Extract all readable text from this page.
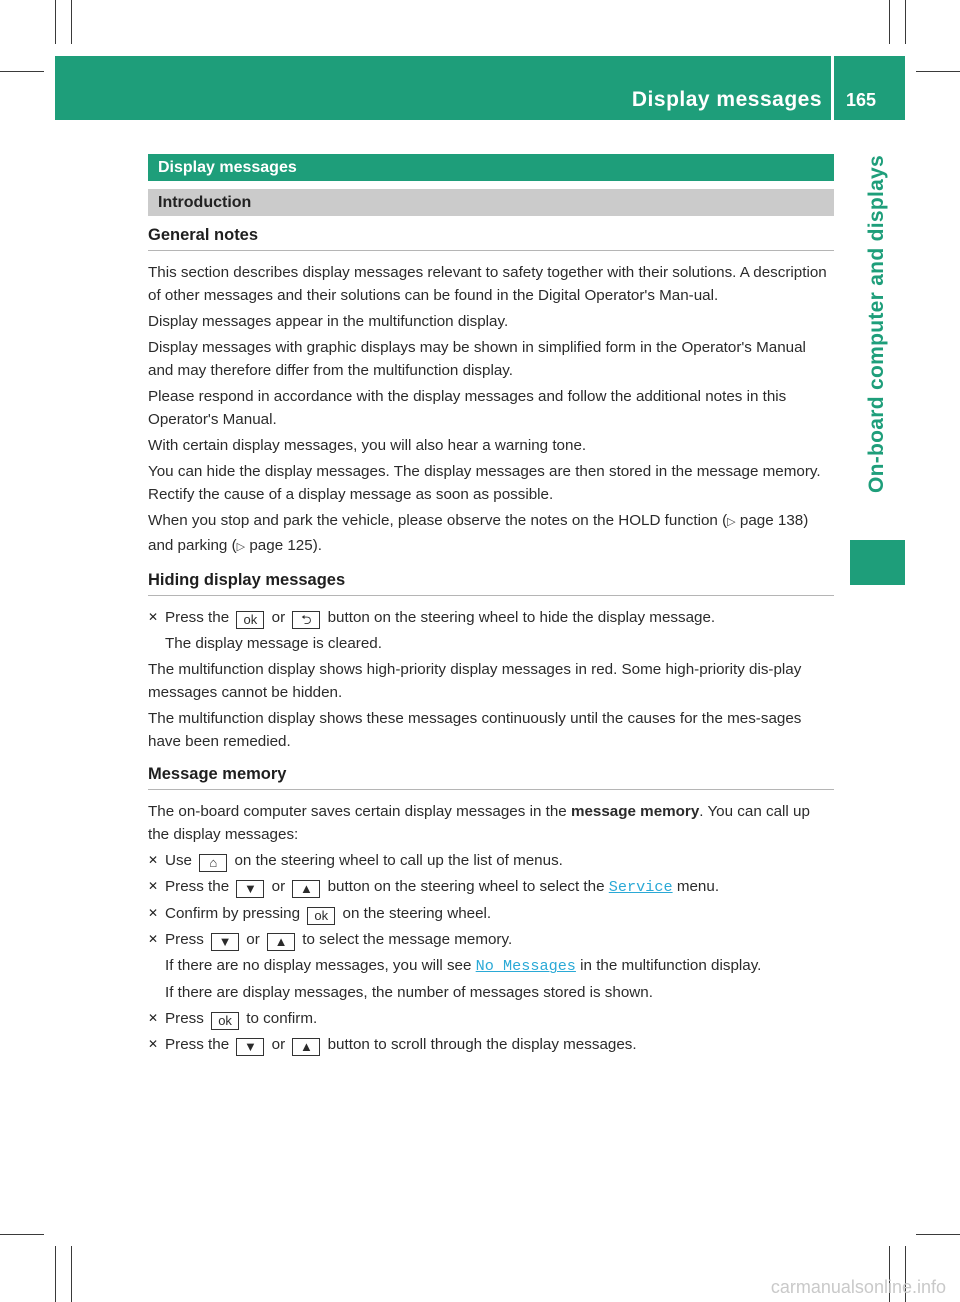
Display messages 165
On-board computer and displays
Display messages
Introduction
General notes

This section describes display messages relevant to safety together with their solutions. A description of other messages and their solutions can be found in the Digital Operator's Man-ual.

Display messages appear in the multifunction display.

Display messages with graphic displays may be shown in simplified form in the Operator's Manual and may therefore differ from the multifunction display.

Please respond in accordance with the display messages and follow the additional notes in this Operator's Manual.

With certain display messages, you will also hear a warning tone.

You can hide the display messages. The display messages are then stored in the message memory. Rectify the cause of a display message as soon as possible.

When you stop and park the vehicle, please observe the notes on the HOLD function (▷ page 138) and parking (▷ page 125).

Hiding display messages
✕ Press the ok or ⮌ button on the steering wheel to hide the display message.

The display message is cleared.

The multifunction display shows high-priority display messages in red. Some high-priority dis-play messages cannot be hidden.

The multifunction display shows these messages continuously until the causes for the mes-sages have been remedied.

Message memory

The on-board computer saves certain display messages in the message memory. You can call up the display messages:

✕ Use ⌂ on the steering wheel to call up the list of menus.
✕ Press the ▼ or ▲ button on the steering wheel to select the Service menu.
✕ Confirm by pressing ok on the steering wheel.
✕ Press ▼ or ▲ to select the message memory.

If there are no display messages, you will see No Messages in the multifunction display.

If there are display messages, the number of messages stored is shown.

✕ Press ok to confirm.
✕ Press the ▼ or ▲ button to scroll through the display messages.
carmanualsonline.info
